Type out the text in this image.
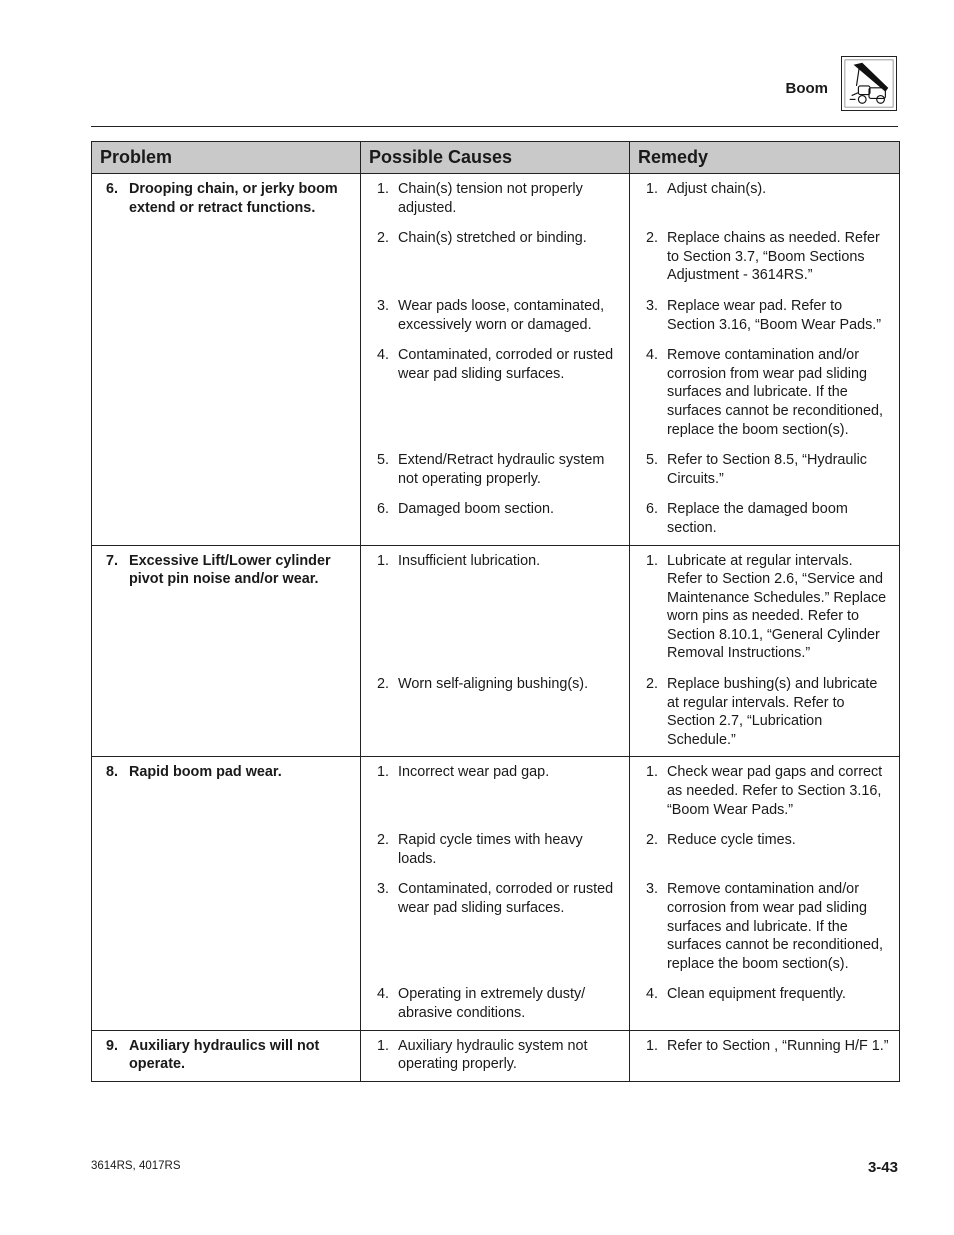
Boom
Problem	Possible Causes	Remedy

6. Drooping chain, or jerky boom extend or retract functions.	1. Chain(s) tension not properly adjusted.	1. Adjust chain(s).

	2. Chain(s) stretched or binding.	2. Replace chains as needed. Refer to Section 3.7, “Boom Sections Adjustment - 3614RS.”

	3. Wear pads loose, contaminated, excessively worn or damaged.	3. Replace wear pad. Refer to Section 3.16, “Boom Wear Pads.”

	4. Contaminated, corroded or rusted wear pad sliding surfaces.	4. Remove contamination and/or corrosion from wear pad sliding surfaces and lubricate. If the surfaces cannot be reconditioned, replace the boom section(s).

	5. Extend/Retract hydraulic system not operating properly.	5. Refer to Section 8.5, “Hydraulic Circuits.”

	6. Damaged boom section.	6. Replace the damaged boom section.

7. Excessive Lift/Lower cylinder pivot pin noise and/or wear.	1. Insufficient lubrication.	1. Lubricate at regular intervals. Refer to Section 2.6, “Service and Maintenance Schedules.” Replace worn pins as needed. Refer to Section 8.10.1, “General Cylinder Removal Instructions.”

	2. Worn self-aligning bushing(s).	2. Replace bushing(s) and lubricate at regular intervals. Refer to Section 2.7, “Lubrication Schedule.”

8. Rapid boom pad wear.	1. Incorrect wear pad gap.	1. Check wear pad gaps and correct as needed. Refer to Section 3.16, “Boom Wear Pads.”

	2. Rapid cycle times with heavy loads.	2. Reduce cycle times.

	3. Contaminated, corroded or rusted wear pad sliding surfaces.	3. Remove contamination and/or corrosion from wear pad sliding surfaces and lubricate. If the surfaces cannot be reconditioned, replace the boom section(s).

	4. Operating in extremely dusty/ abrasive conditions.	4. Clean equipment frequently.

9. Auxiliary hydraulics will not operate.	1. Auxiliary hydraulic system not operating properly.	1. Refer to Section , “Running H/F 1.”
3614RS, 4017RS	3-43
